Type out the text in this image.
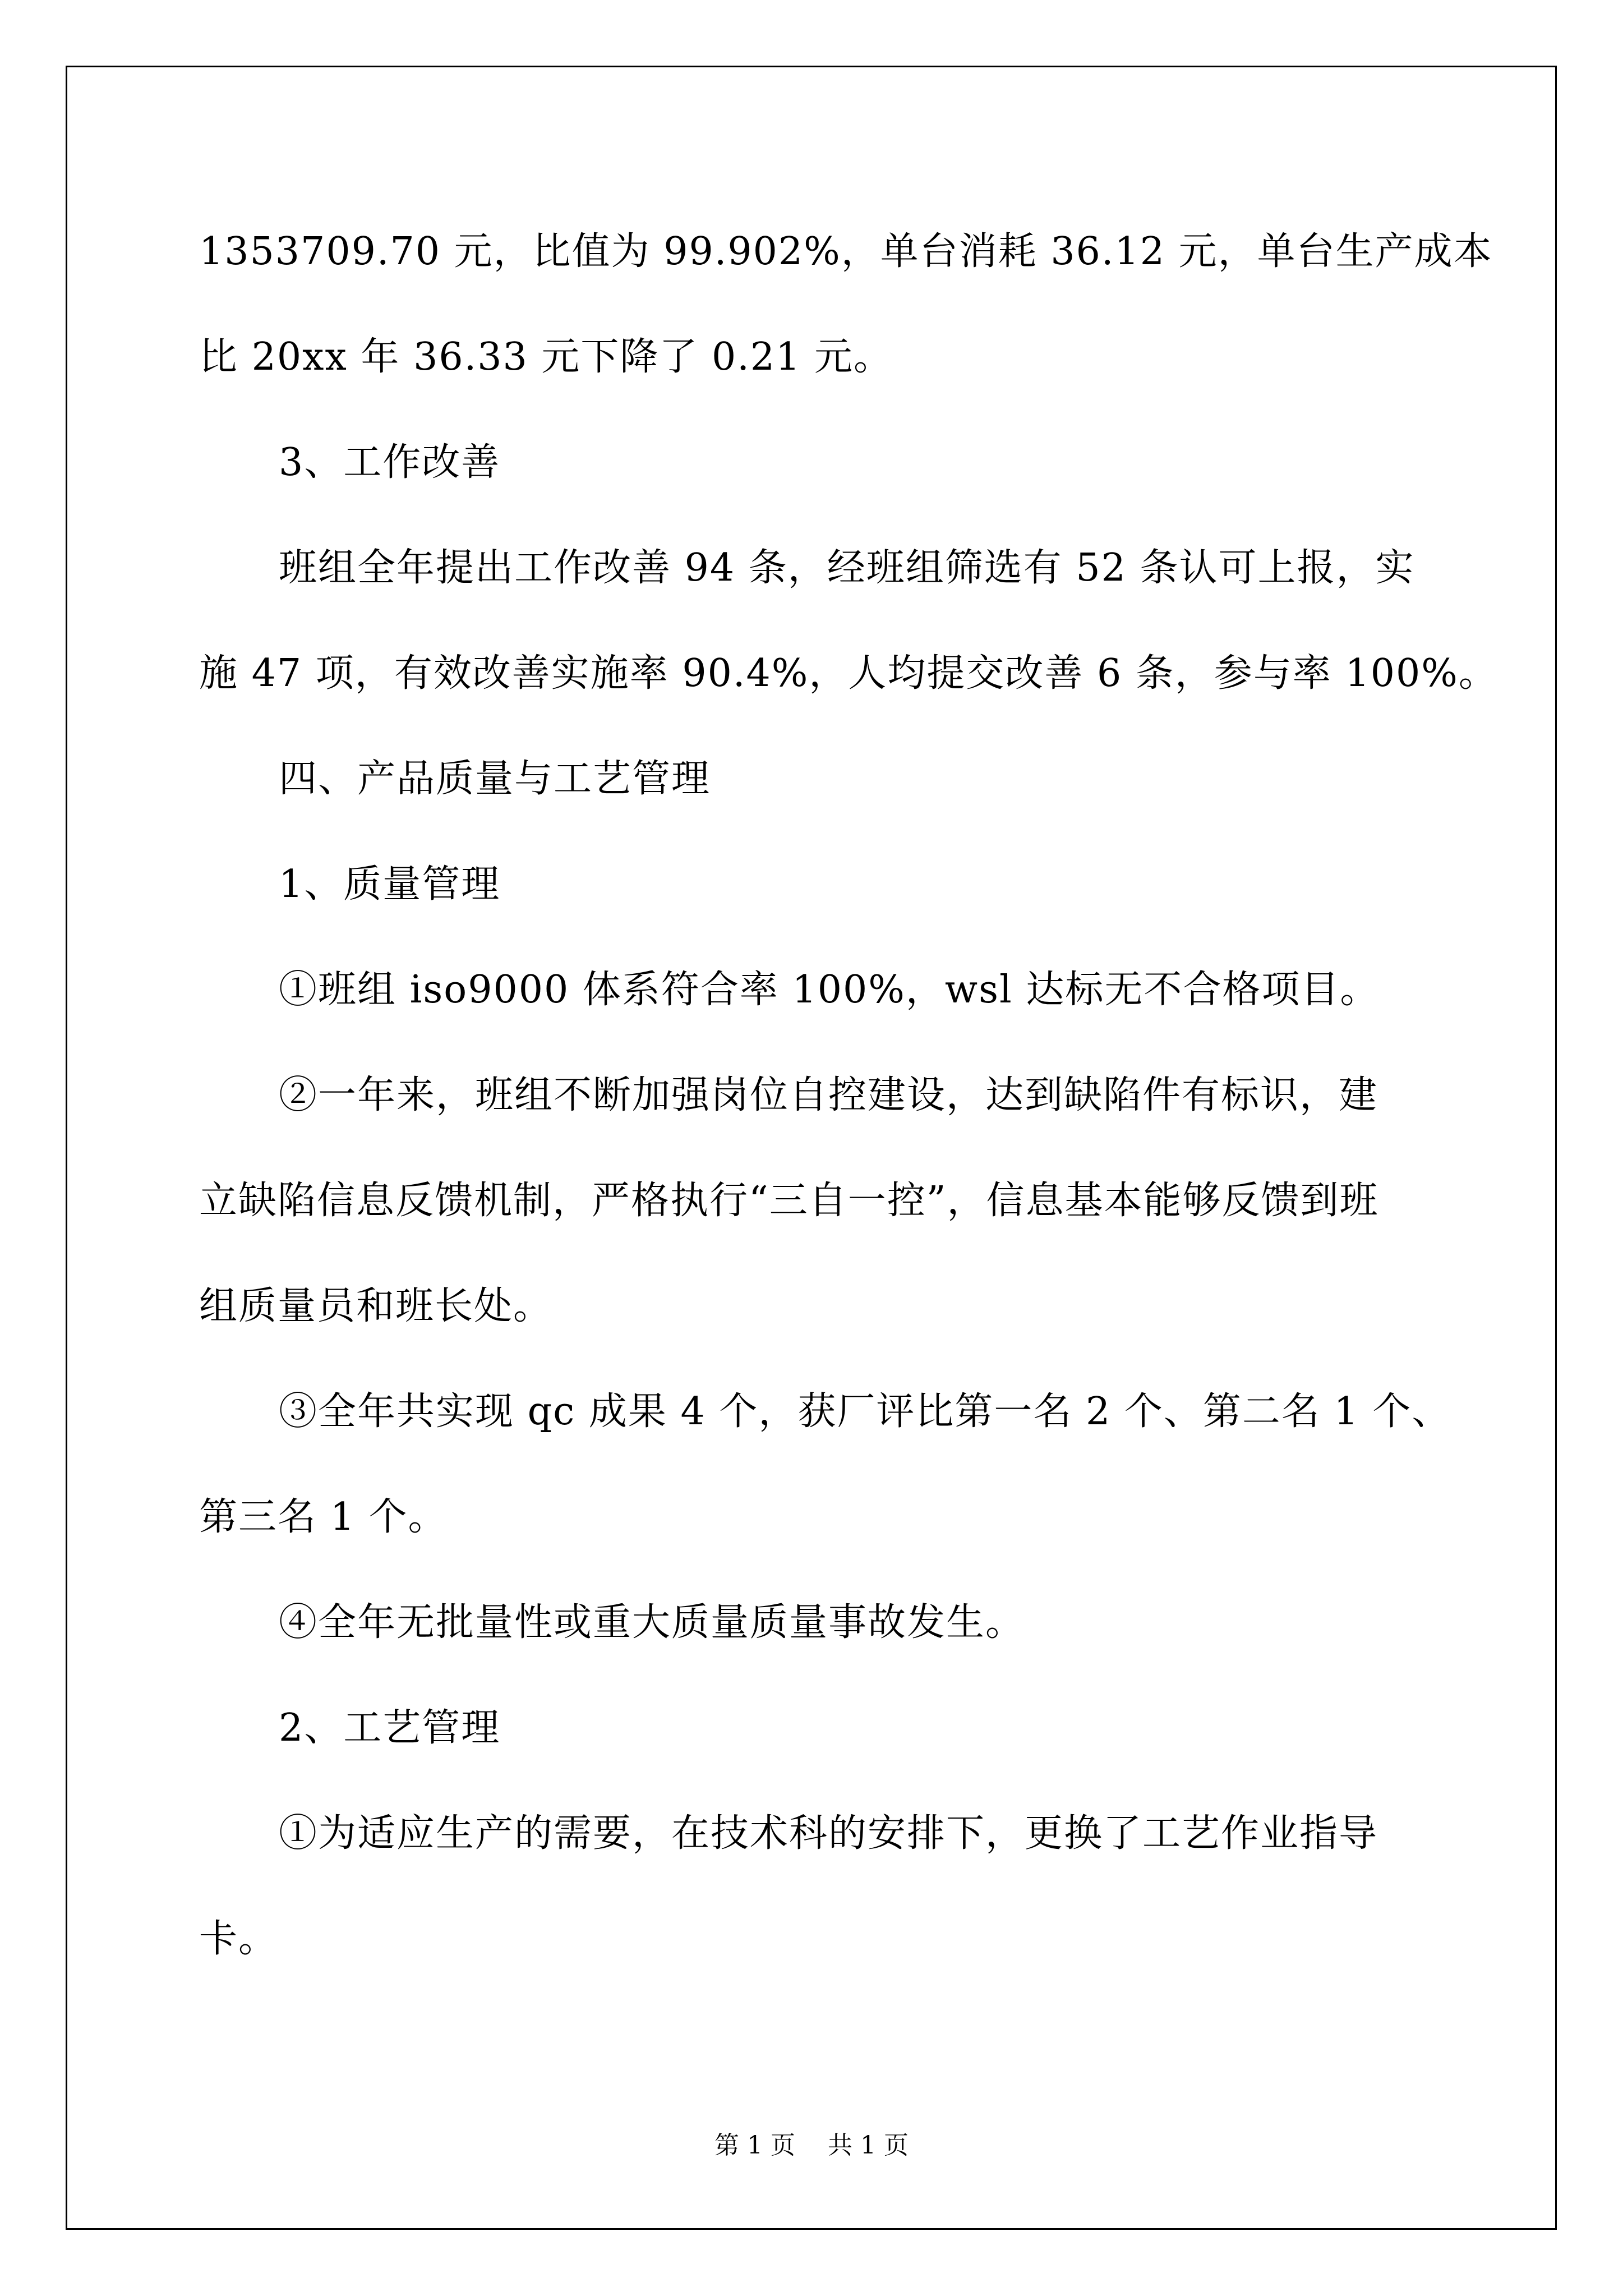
1353709.70 元，比值为 99.902%，单台消耗 36.12 元，单台生产成本

比 20xx 年 36.33 元下降了 0.21 元。

3、工作改善

班组全年提出工作改善 94 条，经班组筛选有 52 条认可上报，实

施 47 项，有效改善实施率 90.4%，人均提交改善 6 条，参与率 100%。

四、产品质量与工艺管理

1、质量管理

①班组 iso9000 体系符合率 100%，wsl 达标无不合格项目。

②一年来，班组不断加强岗位自控建设，达到缺陷件有标识，建

立缺陷信息反馈机制，严格执行“三自一控”，信息基本能够反馈到班

组质量员和班长处。

③全年共实现 qc 成果 4 个，获厂评比第一名 2 个、第二名 1 个、

第三名 1 个。

④全年无批量性或重大质量质量事故发生。

2、工艺管理

①为适应生产的需要，在技术科的安排下，更换了工艺作业指导

卡。

第 1 页 共 1 页
